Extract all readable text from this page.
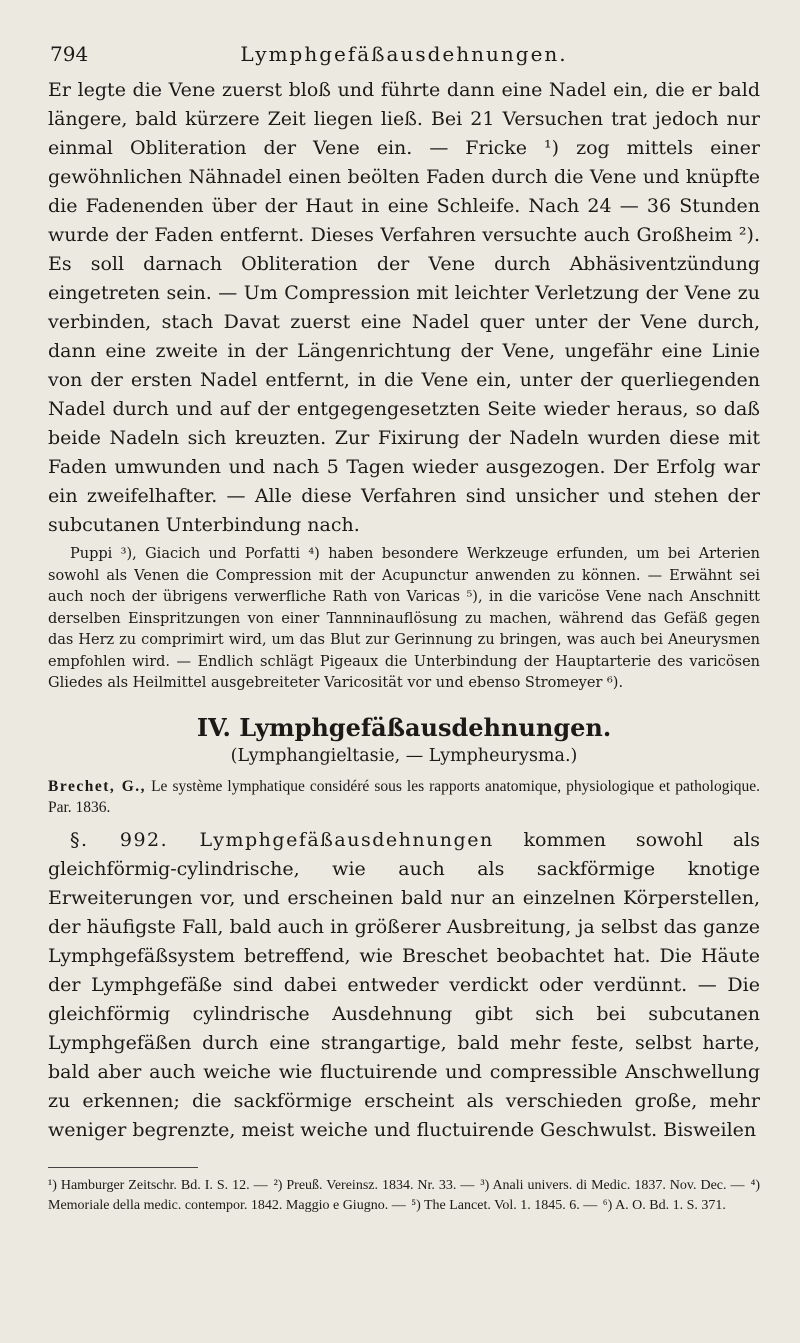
794	Lymphgefäßausdehnungen.

Er legte die Vene zuerst bloß und führte dann eine Nadel ein, die er bald längere, bald kürzere Zeit liegen ließ. Bei 21 Versuchen trat jedoch nur einmal Obliteration der Vene ein. — Fricke ¹) zog mittels einer gewöhnlichen Nähnadel einen beölten Faden durch die Vene und knüpfte die Fadenenden über der Haut in eine Schleife. Nach 24 — 36 Stunden wurde der Faden entfernt. Dieses Verfahren versuchte auch Großheim ²). Es soll darnach Obliteration der Vene durch Abhäsiventzündung eingetreten sein. — Um Compression mit leichter Verletzung der Vene zu verbinden, stach Davat zuerst eine Nadel quer unter der Vene durch, dann eine zweite in der Längenrichtung der Vene, ungefähr eine Linie von der ersten Nadel entfernt, in die Vene ein, unter der querliegenden Nadel durch und auf der entgegengesetzten Seite wieder heraus, so daß beide Nadeln sich kreuzten. Zur Fixirung der Nadeln wurden diese mit Faden umwunden und nach 5 Tagen wieder ausgezogen. Der Erfolg war ein zweifelhafter. — Alle diese Verfahren sind unsicher und stehen der subcutanen Unterbindung nach.

Puppi ³), Giacich und Porfatti ⁴) haben besondere Werkzeuge erfunden, um bei Arterien sowohl als Venen die Compression mit der Acupunctur anwenden zu können. — Erwähnt sei auch noch der übrigens verwerfliche Rath von Varicas ⁵), in die varicöse Vene nach Anschnitt derselben Einspritzungen von einer Tannninauflösung zu machen, während das Gefäß gegen das Herz zu comprimirt wird, um das Blut zur Gerinnung zu bringen, was auch bei Aneurysmen empfohlen wird. — Endlich schlägt Pigeaux die Unterbindung der Hauptarterie des varicösen Gliedes als Heilmittel ausgebreiteter Varicosität vor und ebenso Stromeyer ⁶).

IV. Lymphgefäßausdehnungen.
(Lymphangieltasie, — Lympheurysma.)
Brechet, G., Le système lymphatique considéré sous les rapports anatomique, physiologique et pathologique. Par. 1836.

§. 992. Lymphgefäßausdehnungen kommen sowohl als gleichförmig-cylindrische, wie auch als sackförmige knotige Erweiterungen vor, und erscheinen bald nur an einzelnen Körperstellen, der häufigste Fall, bald auch in größerer Ausbreitung, ja selbst das ganze Lymphgefäßsystem betreffend, wie Breschet beobachtet hat. Die Häute der Lymphgefäße sind dabei entweder verdickt oder verdünnt. — Die gleichförmig cylindrische Ausdehnung gibt sich bei subcutanen Lymphgefäßen durch eine strangartige, bald mehr feste, selbst harte, bald aber auch weiche wie fluctuirende und compressible Anschwellung zu erkennen; die sackförmige erscheint als verschieden große, mehr weniger begrenzte, meist weiche und fluctuirende Geschwulst. Bisweilen

¹) Hamburger Zeitschr. Bd. I. S. 12. — ²) Preuß. Vereinsz. 1834. Nr. 33. — ³) Anali univers. di Medic. 1837. Nov. Dec. — ⁴) Memoriale della medic. contempor. 1842. Maggio e Giugno. — ⁵) The Lancet. Vol. 1. 1845. 6. — ⁶) A. O. Bd. 1. S. 371.
